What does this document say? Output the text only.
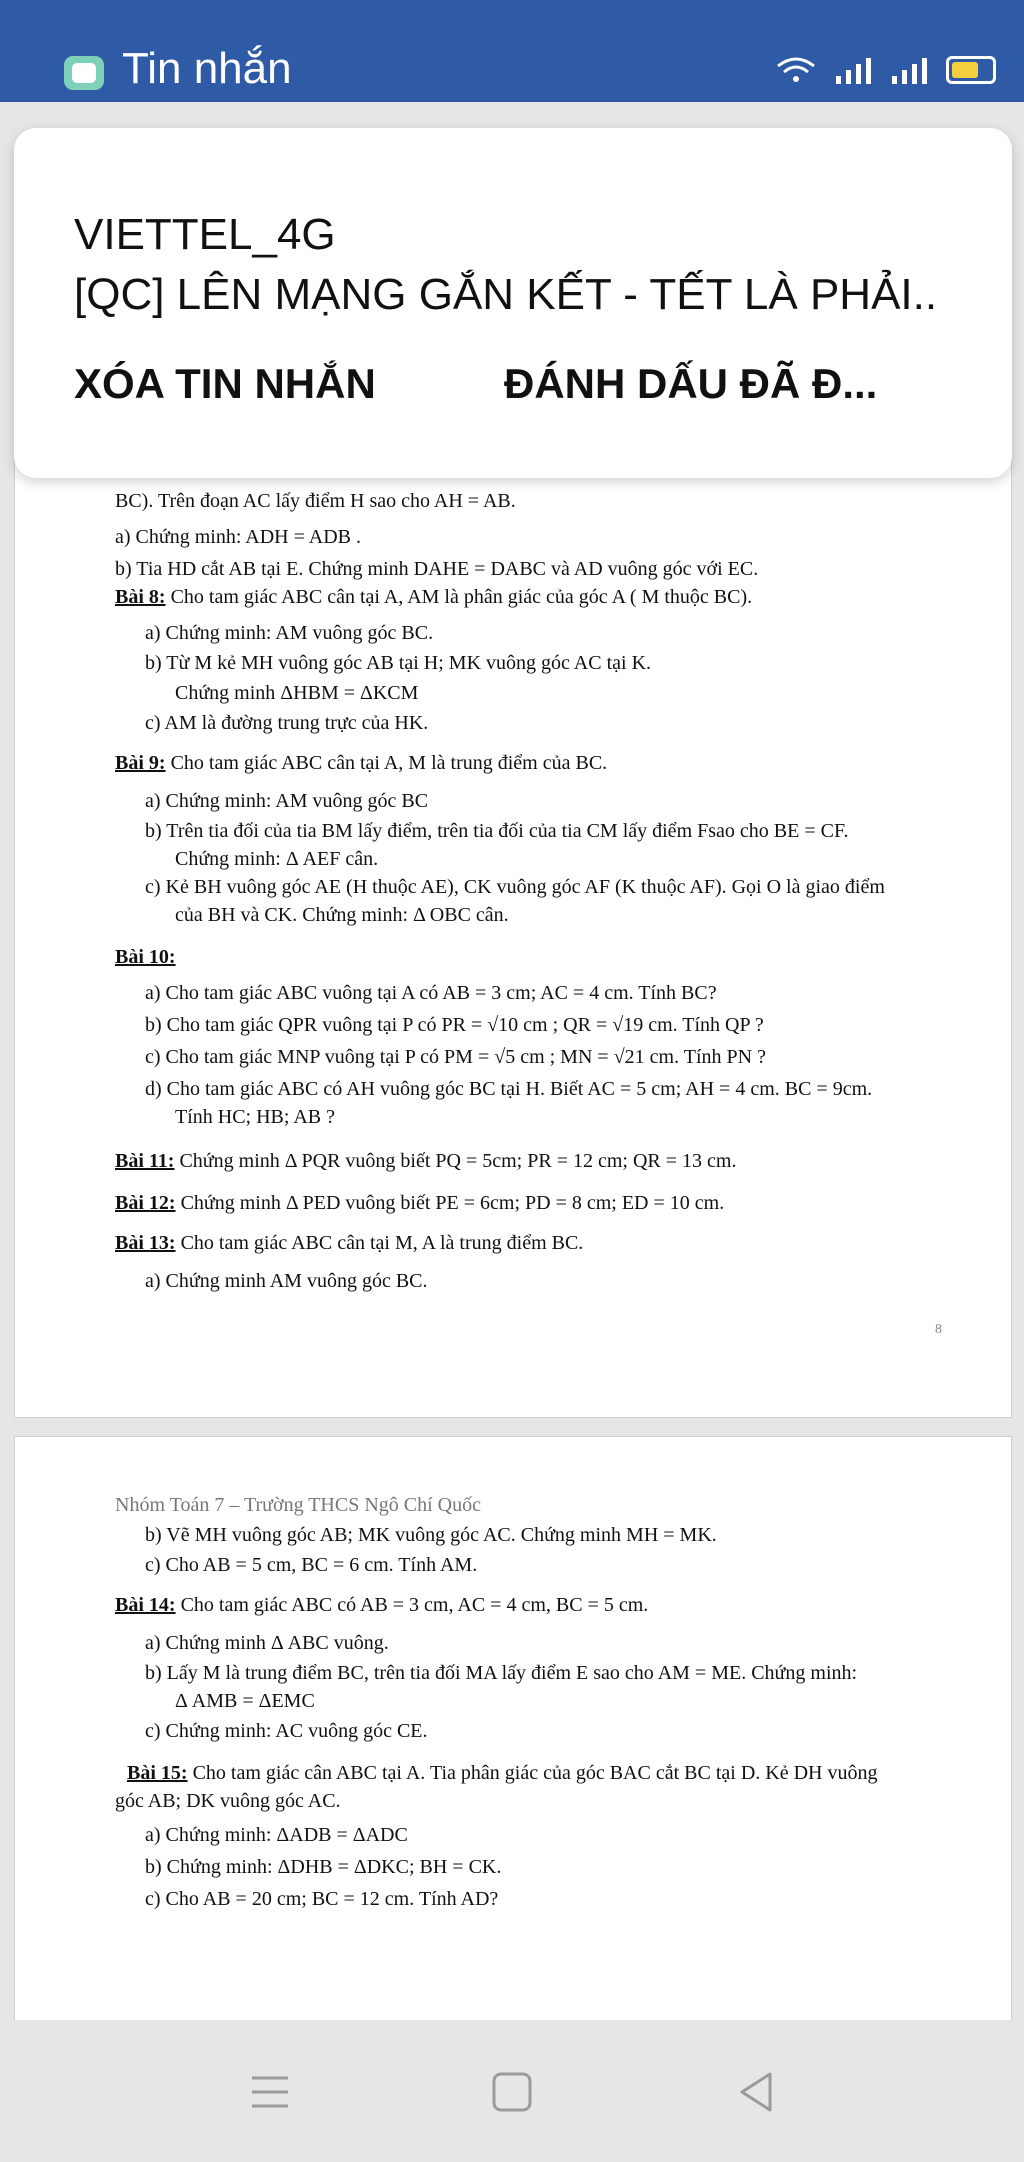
Tin nhắn
BC). Trên đoạn AC lấy điểm H sao cho AH = AB.
a) Chứng minh: ADH = ADB .
b) Tia HD cắt AB tại E. Chứng minh DAHE = DABC và AD vuông góc với EC.
Bài 8: Cho tam giác ABC cân tại A, AM là phân giác của góc A ( M thuộc BC).
a) Chứng minh: AM vuông góc BC.
b) Từ M kẻ MH vuông góc AB tại H; MK vuông góc AC tại K.
Chứng minh ΔHBM = ΔKCM
c) AM là đường trung trực của HK.
Bài 9: Cho tam giác ABC cân tại A, M là trung điểm của BC.
a) Chứng minh: AM vuông góc BC
b) Trên tia đối của tia BM lấy điểm, trên tia đối của tia CM lấy điểm Fsao cho BE = CF.
Chứng minh: Δ AEF cân.
c) Kẻ BH vuông góc AE (H thuộc AE), CK vuông góc AF (K thuộc AF). Gọi O là giao điểm
của BH và CK. Chứng minh: Δ OBC cân.
Bài 10:
a) Cho tam giác ABC vuông tại A có AB = 3 cm; AC = 4 cm. Tính BC?
b) Cho tam giác QPR vuông tại P có PR = √10 cm ; QR = √19 cm. Tính QP ?
c) Cho tam giác MNP vuông tại P có PM = √5 cm ; MN = √21 cm. Tính PN ?
d) Cho tam giác ABC có AH vuông góc BC tại H. Biết AC = 5 cm; AH = 4 cm. BC = 9cm.
Tính HC; HB; AB ?
Bài 11: Chứng minh Δ PQR vuông biết PQ = 5cm; PR = 12 cm; QR = 13 cm.
Bài 12: Chứng minh Δ PED vuông biết PE = 6cm; PD = 8 cm; ED = 10 cm.
Bài 13: Cho tam giác ABC cân tại M, A là trung điểm BC.
a) Chứng minh AM vuông góc BC.
8
Nhóm Toán 7 – Trường THCS Ngô Chí Quốc
b) Vẽ MH vuông góc AB; MK vuông góc AC. Chứng minh MH = MK.
c) Cho AB = 5 cm, BC = 6 cm. Tính AM.
Bài 14: Cho tam giác ABC có AB = 3 cm, AC = 4 cm, BC = 5 cm.
a) Chứng minh Δ ABC vuông.
b) Lấy M là trung điểm BC, trên tia đối MA lấy điểm E sao cho AM = ME. Chứng minh:
Δ AMB = ΔEMC
c) Chứng minh: AC vuông góc CE.
Bài 15: Cho tam giác cân ABC tại A. Tia phân giác của góc BAC cắt BC tại D. Kẻ DH vuông
góc AB; DK vuông góc AC.
a) Chứng minh: ΔADB = ΔADC
b) Chứng minh: ΔDHB = ΔDKC; BH = CK.
c) Cho AB = 20 cm; BC = 12 cm. Tính AD?
VIETTEL_4G
[QC] LÊN MẠNG GẮN KẾT - TẾT LÀ PHẢI..
XÓA TIN NHẮN	ĐÁNH DẤU ĐÃ Đ...
